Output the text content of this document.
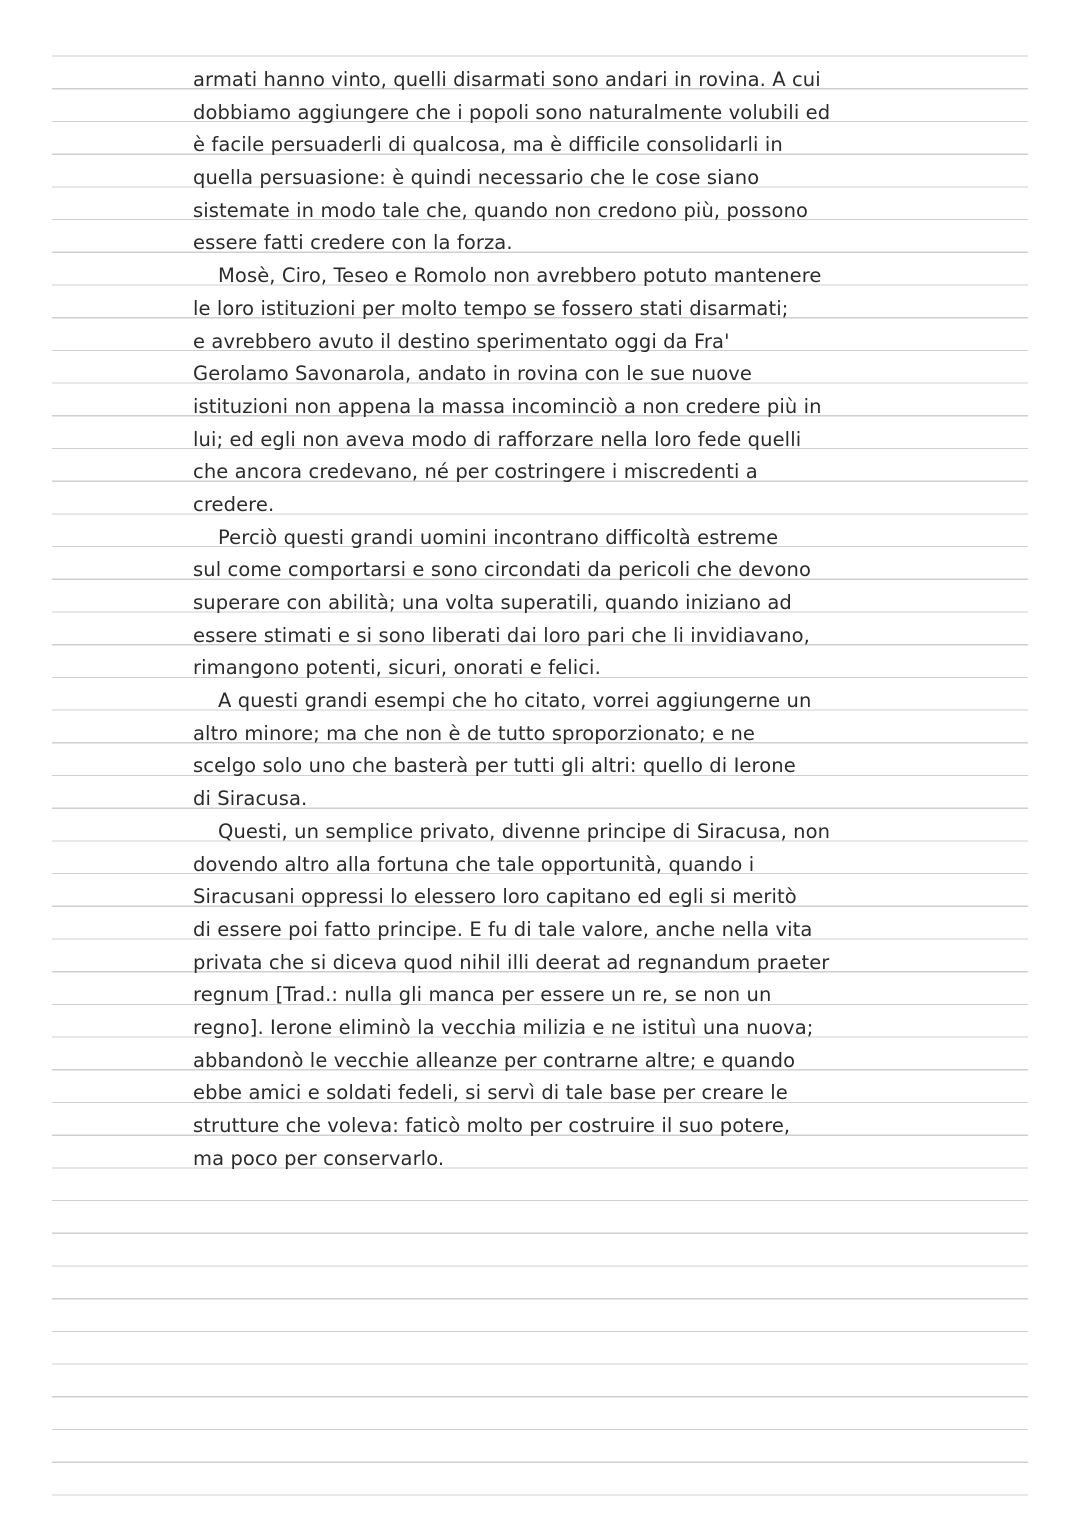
armati hanno vinto, quelli disarmati sono andari in rovina. A cui
dobbiamo aggiungere che i popoli sono naturalmente volubili ed
è facile persuaderli di qualcosa, ma è difficile consolidarli in
quella persuasione: è quindi necessario che le cose siano
sistemate in modo tale che, quando non credono più, possono
essere fatti credere con la forza.
Mosè, Ciro, Teseo e Romolo non avrebbero potuto mantenere
le loro istituzioni per molto tempo se fossero stati disarmati;
e avrebbero avuto il destino sperimentato oggi da Fra'
Gerolamo Savonarola, andato in rovina con le sue nuove
istituzioni non appena la massa incominciò a non credere più in
lui; ed egli non aveva modo di rafforzare nella loro fede quelli
che ancora credevano, né per costringere i miscredenti a
credere.
Perciò questi grandi uomini incontrano difficoltà estreme
sul come comportarsi e sono circondati da pericoli che devono
superare con abilità; una volta superatili, quando iniziano ad
essere stimati e si sono liberati dai loro pari che li invidiavano,
rimangono potenti, sicuri, onorati e felici.
A questi grandi esempi che ho citato, vorrei aggiungerne un
altro minore; ma che non è de tutto sproporzionato; e ne
scelgo solo uno che basterà per tutti gli altri: quello di Ierone
di Siracusa.
Questi, un semplice privato, divenne principe di Siracusa, non
dovendo altro alla fortuna che tale opportunità, quando i
Siracusani oppressi lo elessero loro capitano ed egli si meritò
di essere poi fatto principe. E fu di tale valore, anche nella vita
privata che si diceva quod nihil illi deerat ad regnandum praeter
regnum [Trad.: nulla gli manca per essere un re, se non un
regno]. Ierone eliminò la vecchia milizia e ne istituì una nuova;
abbandonò le vecchie alleanze per contrarne altre; e quando
ebbe amici e soldati fedeli, si servì di tale base per creare le
strutture che voleva: faticò molto per costruire il suo potere,
ma poco per conservarlo.
